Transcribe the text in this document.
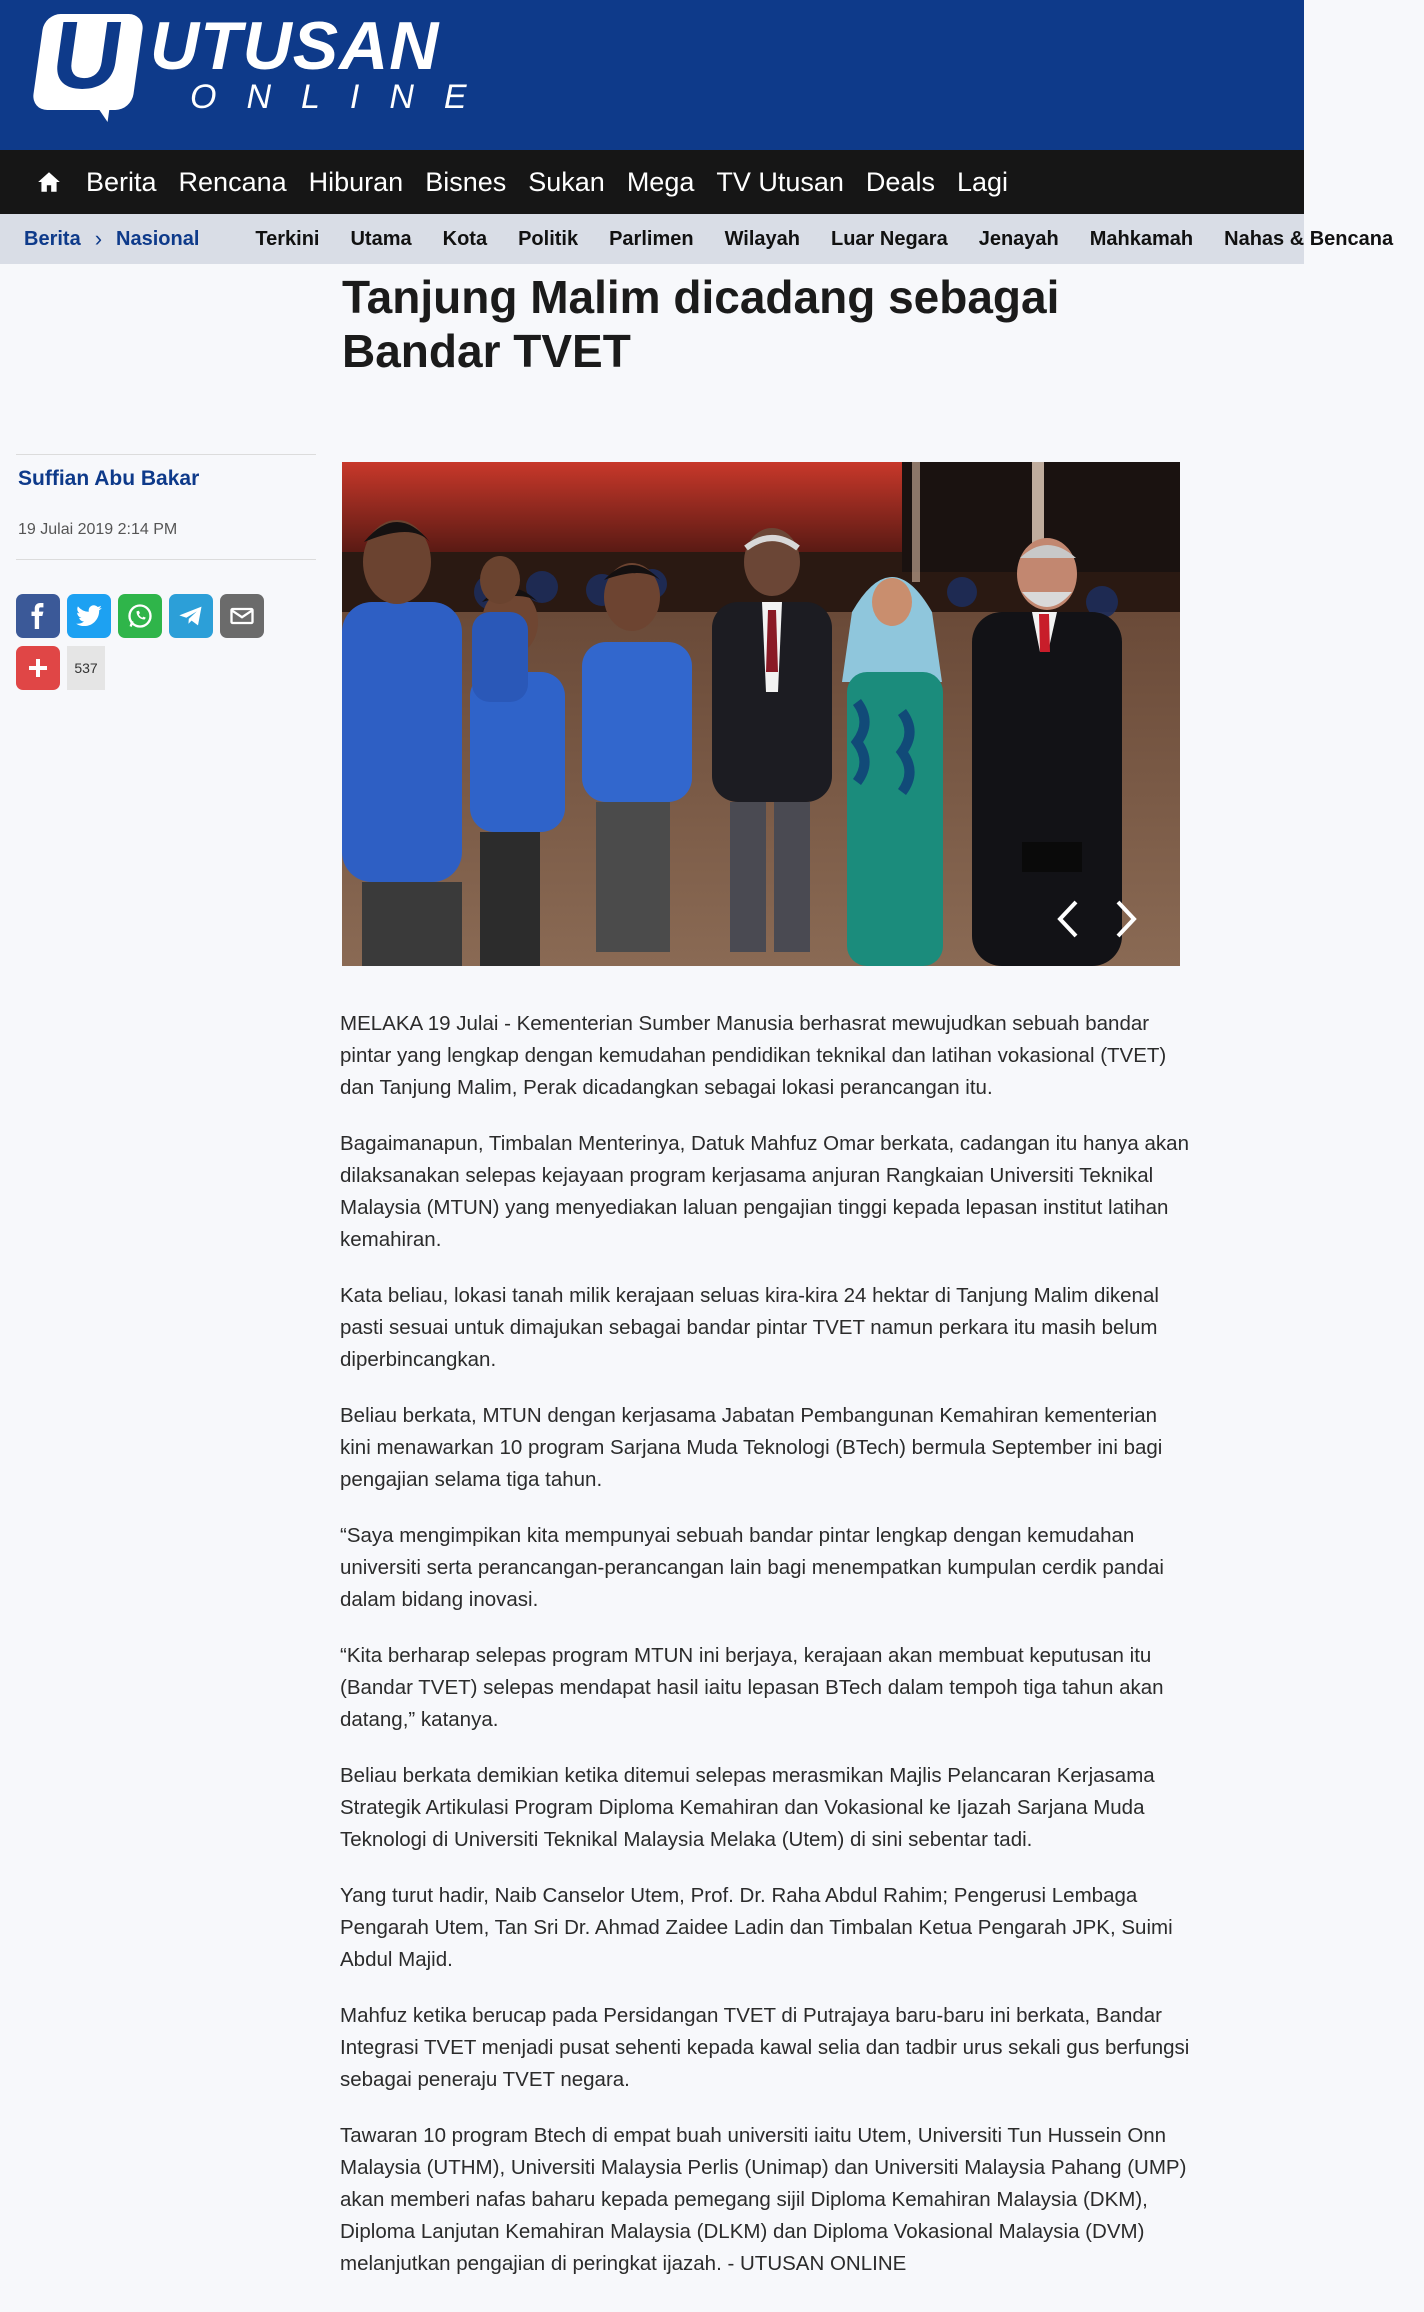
U UTUSAN
ONLINE
Berita Rencana Hiburan Bisnes Sukan Mega TV Utusan Deals Lagi
Berita › Nasional	Terkini Utama Kota Politik Parlimen Wilayah Luar Negara Jenayah Mahkamah Nahas & Bencana
Tanjung Malim dicadang sebagai Bandar TVET
Suffian Abu Bakar
19 Julai 2019 2:14 PM
537

MELAKA 19 Julai - Kementerian Sumber Manusia berhasrat mewujudkan sebuah bandar pintar yang lengkap dengan kemudahan pendidikan teknikal dan latihan vokasional (TVET) dan Tanjung Malim, Perak dicadangkan sebagai lokasi perancangan itu.

Bagaimanapun, Timbalan Menterinya, Datuk Mahfuz Omar berkata, cadangan itu hanya akan dilaksanakan selepas kejayaan program kerjasama anjuran Rangkaian Universiti Teknikal Malaysia (MTUN) yang menyediakan laluan pengajian tinggi kepada lepasan institut latihan kemahiran.

Kata beliau, lokasi tanah milik kerajaan seluas kira-kira 24 hektar di Tanjung Malim dikenal pasti sesuai untuk dimajukan sebagai bandar pintar TVET namun perkara itu masih belum diperbincangkan.

Beliau berkata, MTUN dengan kerjasama Jabatan Pembangunan Kemahiran kementerian kini menawarkan 10 program Sarjana Muda Teknologi (BTech) bermula September ini bagi pengajian selama tiga tahun.

“Saya mengimpikan kita mempunyai sebuah bandar pintar lengkap dengan kemudahan universiti serta perancangan-perancangan lain bagi menempatkan kumpulan cerdik pandai dalam bidang inovasi.

“Kita berharap selepas program MTUN ini berjaya, kerajaan akan membuat keputusan itu (Bandar TVET) selepas mendapat hasil iaitu lepasan BTech dalam tempoh tiga tahun akan datang,” katanya.

Beliau berkata demikian ketika ditemui selepas merasmikan Majlis Pelancaran Kerjasama Strategik Artikulasi Program Diploma Kemahiran dan Vokasional ke Ijazah Sarjana Muda Teknologi di Universiti Teknikal Malaysia Melaka (Utem) di sini sebentar tadi.

Yang turut hadir, Naib Canselor Utem, Prof. Dr. Raha Abdul Rahim; Pengerusi Lembaga Pengarah Utem, Tan Sri Dr. Ahmad Zaidee Ladin dan Timbalan Ketua Pengarah JPK, Suimi Abdul Majid.

Mahfuz ketika berucap pada Persidangan TVET di Putrajaya baru-baru ini berkata, Bandar Integrasi TVET menjadi pusat sehenti kepada kawal selia dan tadbir urus sekali gus berfungsi sebagai peneraju TVET negara.

Tawaran 10 program Btech di empat buah universiti iaitu Utem, Universiti Tun Hussein Onn Malaysia (UTHM), Universiti Malaysia Perlis (Unimap) dan Universiti Malaysia Pahang (UMP) akan memberi nafas baharu kepada pemegang sijil Diploma Kemahiran Malaysia (DKM), Diploma Lanjutan Kemahiran Malaysia (DLKM) dan Diploma Vokasional Malaysia (DVM) melanjutkan pengajian di peringkat ijazah. - UTUSAN ONLINE
